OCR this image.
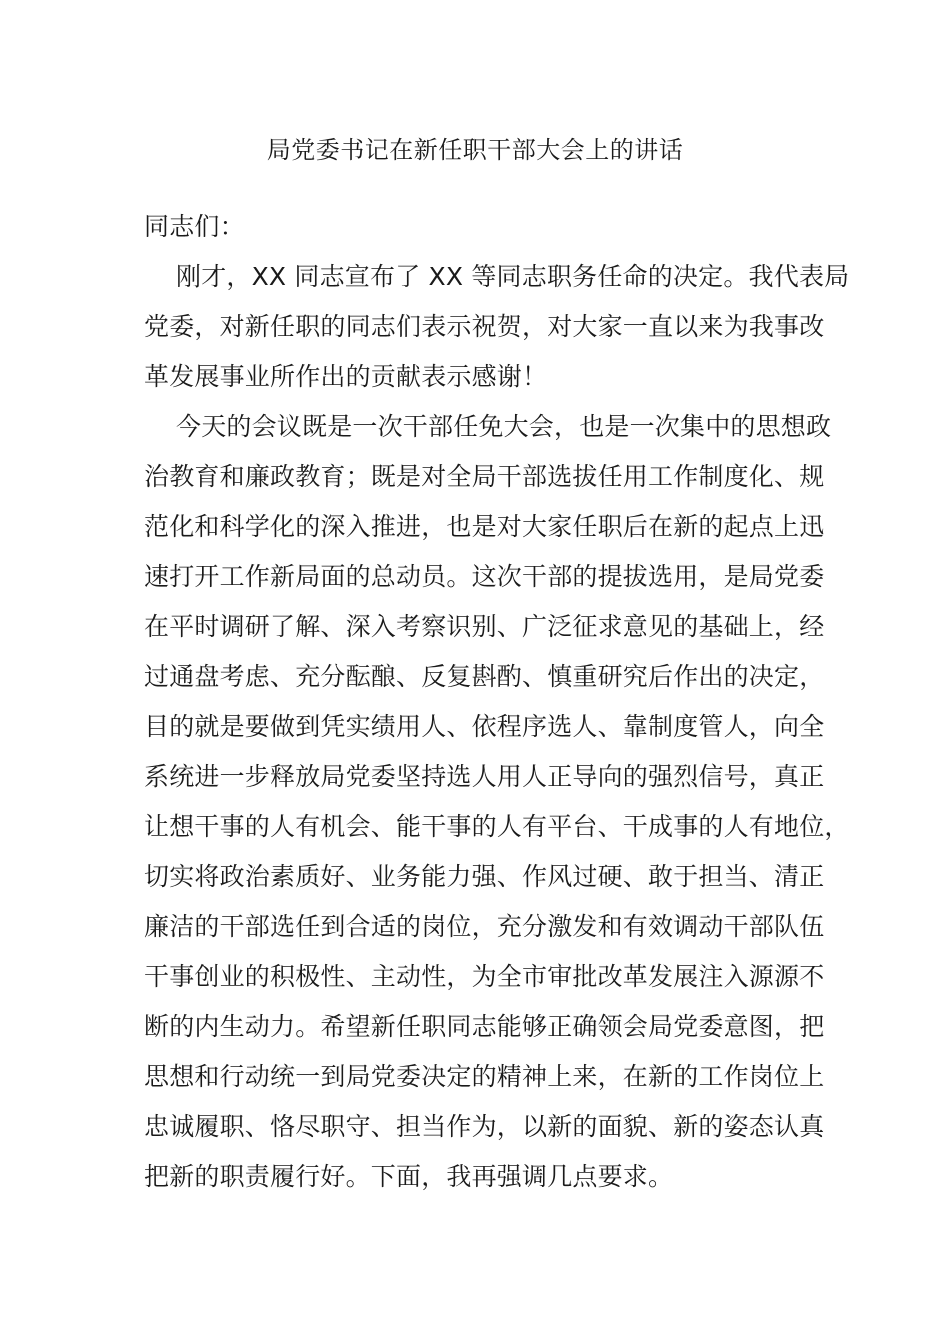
局党委书记在新任职干部大会上的讲话
同志们：
刚才，XX 同志宣布了 XX 等同志职务任命的决定。我代表局
党委，对新任职的同志们表示祝贺，对大家一直以来为我事改
革发展事业所作出的贡献表示感谢！
今天的会议既是一次干部任免大会，也是一次集中的思想政
治教育和廉政教育；既是对全局干部选拔任用工作制度化、规
范化和科学化的深入推进，也是对大家任职后在新的起点上迅
速打开工作新局面的总动员。这次干部的提拔选用，是局党委
在平时调研了解、深入考察识别、广泛征求意见的基础上，经
过通盘考虑、充分酝酿、反复斟酌、慎重研究后作出的决定，
目的就是要做到凭实绩用人、依程序选人、靠制度管人，向全
系统进一步释放局党委坚持选人用人正导向的强烈信号，真正
让想干事的人有机会、能干事的人有平台、干成事的人有地位，
切实将政治素质好、业务能力强、作风过硬、敢于担当、清正
廉洁的干部选任到合适的岗位，充分激发和有效调动干部队伍
干事创业的积极性、主动性，为全市审批改革发展注入源源不
断的内生动力。希望新任职同志能够正确领会局党委意图，把
思想和行动统一到局党委决定的精神上来，在新的工作岗位上
忠诚履职、恪尽职守、担当作为，以新的面貌、新的姿态认真
把新的职责履行好。下面，我再强调几点要求。
